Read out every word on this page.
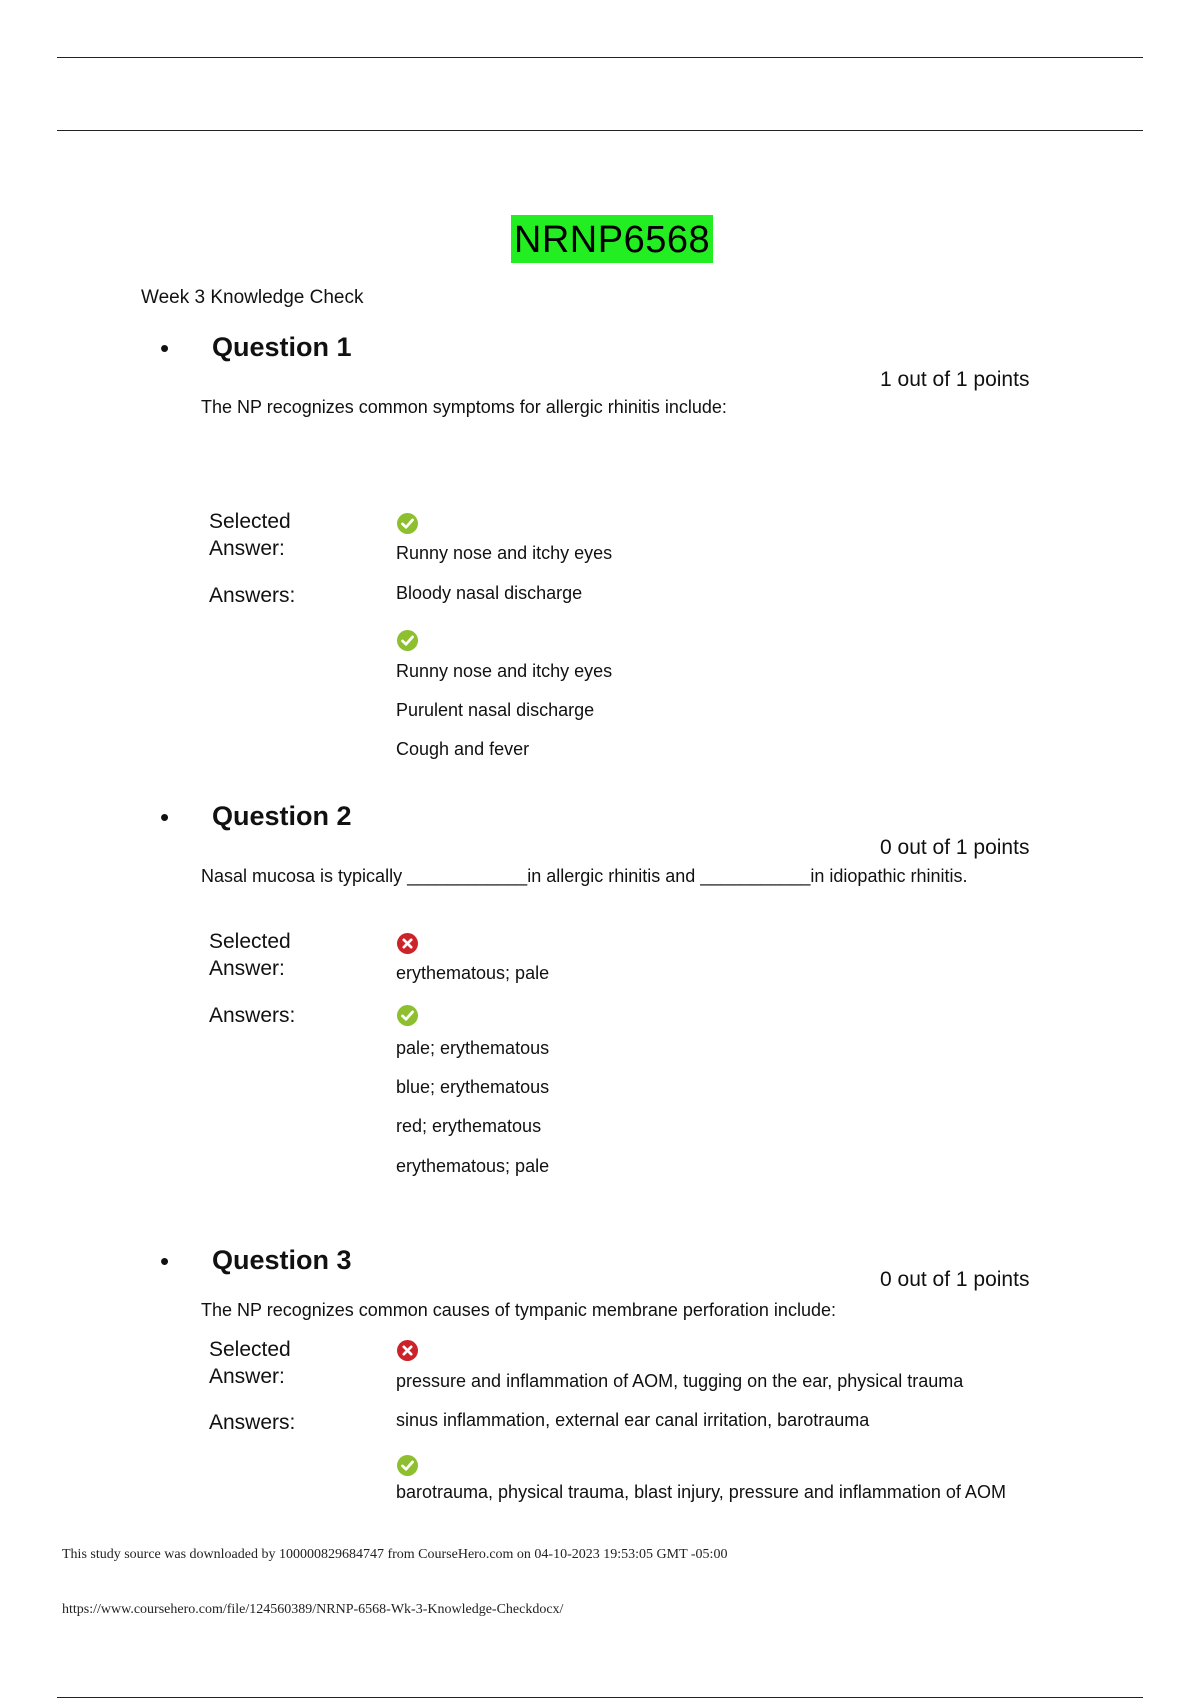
NRNP6568
Week 3 Knowledge Check
• Question 1
1 out of 1 points
The NP recognizes common symptoms for allergic rhinitis include:
Selected
Answer:	Runny nose and itchy eyes
Answers:	Bloody nasal discharge
Runny nose and itchy eyes
Purulent nasal discharge
Cough and fever
• Question 2
0 out of 1 points
Nasal mucosa is typically ____________in allergic rhinitis and ___________in idiopathic rhinitis.
Selected
Answer:	erythematous; pale
Answers:
pale; erythematous
blue; erythematous
red; erythematous
erythematous; pale
• Question 3
0 out of 1 points
The NP recognizes common causes of tympanic membrane perforation include:
Selected
Answer:	pressure and inflammation of AOM, tugging on the ear, physical trauma
Answers:	sinus inflammation, external ear canal irritation, barotrauma
barotrauma, physical trauma, blast injury, pressure and inflammation of AOM
This study source was downloaded by 100000829684747 from CourseHero.com on 04-10-2023 19:53:05 GMT -05:00
https://www.coursehero.com/file/124560389/NRNP-6568-Wk-3-Knowledge-Checkdocx/
